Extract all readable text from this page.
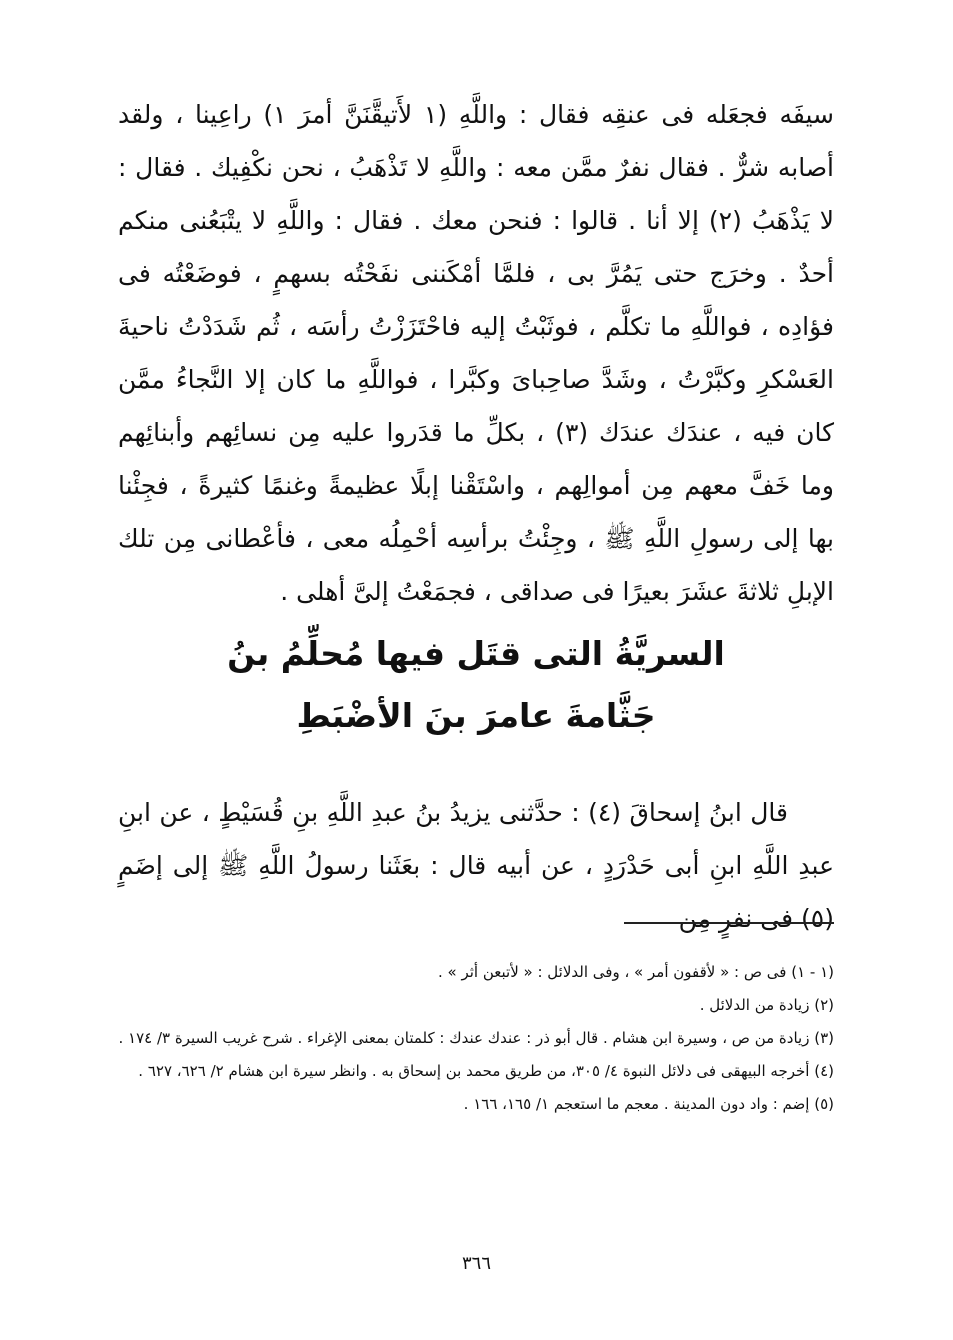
سيفَه فجعَله فى عنقِه فقال : واللَّهِ (١ لأَتيقَّنَنَّ أمرَ ١) راعِينا ، ولقد أصابه شرٌّ . فقال نفرٌ ممَّن معه : واللَّهِ لا تَذْهَبُ ، نحن نكْفِيك . فقال : لا يَذْهَبُ (٢) إلا أنا . قالوا : فنحن معك . فقال : واللَّهِ لا يتْبَعُنى منكم أحدٌ . وخرَج حتى يَمُرَّ بى ، فلمَّا أمْكَننى نفَحْتُه بسهمٍ ، فوضَعْتُه فى فؤادِه ، فواللَّهِ ما تكلَّم ، فوثَبْتُ إليه فاحْتَزَزْتُ رأسَه ، ثُم شَدَدْتُ ناحيةَ العَسْكرِ وكبَّرْتُ ، وشَدَّ صاحِبایَ وكبَّرا ، فواللَّهِ ما كان إلا النَّجاءُ ممَّن كان فيه ، عندَك عندَك (٣) ، بكلِّ ما قدَروا عليه مِن نسائِهم وأبنائِهم وما خَفَّ معهم مِن أموالِهم ، واسْتَقْنا إبلًا عظيمةً وغنمًا كثيرةً ، فجِئْنا بها إلى رسولِ اللَّهِ ﷺ ، وجِئْتُ برأسِه أحْمِلُه معى ، فأعْطانى مِن تلك الإبلِ ثلاثةَ عشَرَ بعيرًا فى صداقى ، فجمَعْتُ إلىَّ أهلى .

السريَّةُ التى قتَل فيها مُحلِّمُ بنُ
جَثَّامةَ عامرَ بنَ الأضْبَطِ

قال ابنُ إسحاقَ (٤) : حدَّثنى يزيدُ بنُ عبدِ اللَّهِ بنِ قُسَيْطٍ ، عن ابنِ عبدِ اللَّهِ ابنِ أبى حَدْرَدٍ ، عن أبيه قال : بعَثَنا رسولُ اللَّهِ ﷺ إلى إضَمٍ (٥) فى نفرٍ مِن

(١ - ١) فى ص : « لأقفون أمر » ، وفى الدلائل : « لأتبعن أثر » .
(٢) زيادة من الدلائل .
(٣) زيادة من ص ، وسيرة ابن هشام . قال أبو ذر : عندك عندك : كلمتان بمعنى الإغراء . شرح غريب السيرة ٣/ ١٧٤ .
(٤) أخرجه البيهقى فى دلائل النبوة ٤/ ٣٠٥، من طريق محمد بن إسحاق به . وانظر سيرة ابن هشام ٢/ ٦٢٦، ٦٢٧ .
(٥) إضم : واد دون المدينة . معجم ما استعجم ١/ ١٦٥، ١٦٦ .
٣٦٦
